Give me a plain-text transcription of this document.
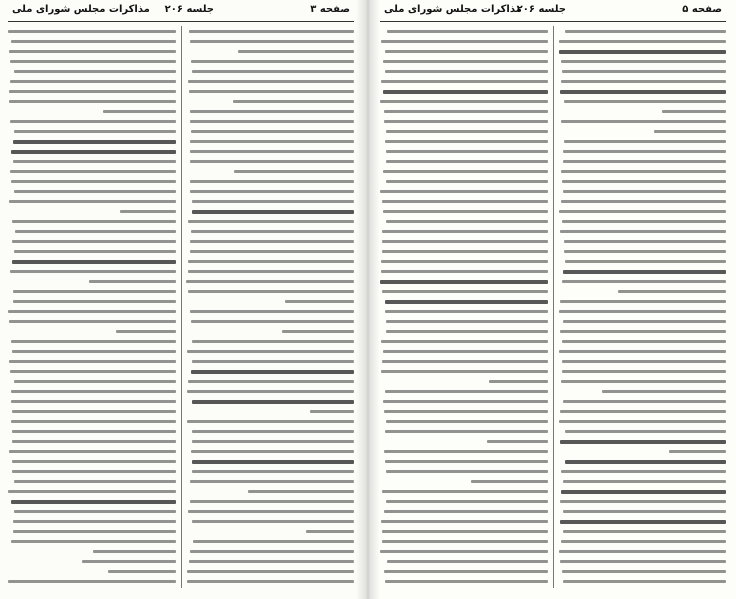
صفحه ۳
جلسه ۲۰۶
مذاکرات مجلس شورای ملی	صفحه ۵
جلسه ۲۰۶
مذاکرات مجلس شورای ملی
